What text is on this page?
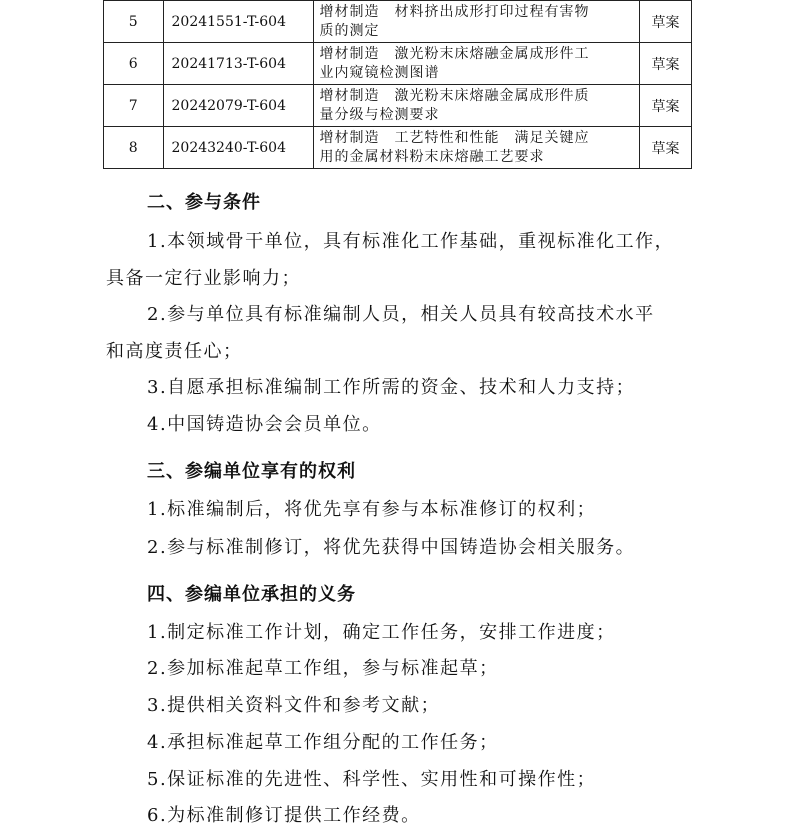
5	20241551-T-604	增材制造　材料挤出成形打印过程有害物
质的测定	草案
6	20241713-T-604	增材制造　激光粉末床熔融金属成形件工
业内窥镜检测图谱	草案
7	20242079-T-604	增材制造　激光粉末床熔融金属成形件质
量分级与检测要求	草案
8	20243240-T-604	增材制造　工艺特性和性能　满足关键应
用的金属材料粉末床熔融工艺要求	草案
二、参与条件
1.本领域骨干单位，具有标准化工作基础，重视标准化工作，
具备一定行业影响力；
2.参与单位具有标准编制人员，相关人员具有较高技术水平
和高度责任心；
3.自愿承担标准编制工作所需的资金、技术和人力支持；
4.中国铸造协会会员单位。
三、参编单位享有的权利
1.标准编制后，将优先享有参与本标准修订的权利；
2.参与标准制修订，将优先获得中国铸造协会相关服务。
四、参编单位承担的义务
1.制定标准工作计划，确定工作任务，安排工作进度；
2.参加标准起草工作组，参与标准起草；
3.提供相关资料文件和参考文献；
4.承担标准起草工作组分配的工作任务；
5.保证标准的先进性、科学性、实用性和可操作性；
6.为标准制修订提供工作经费。
